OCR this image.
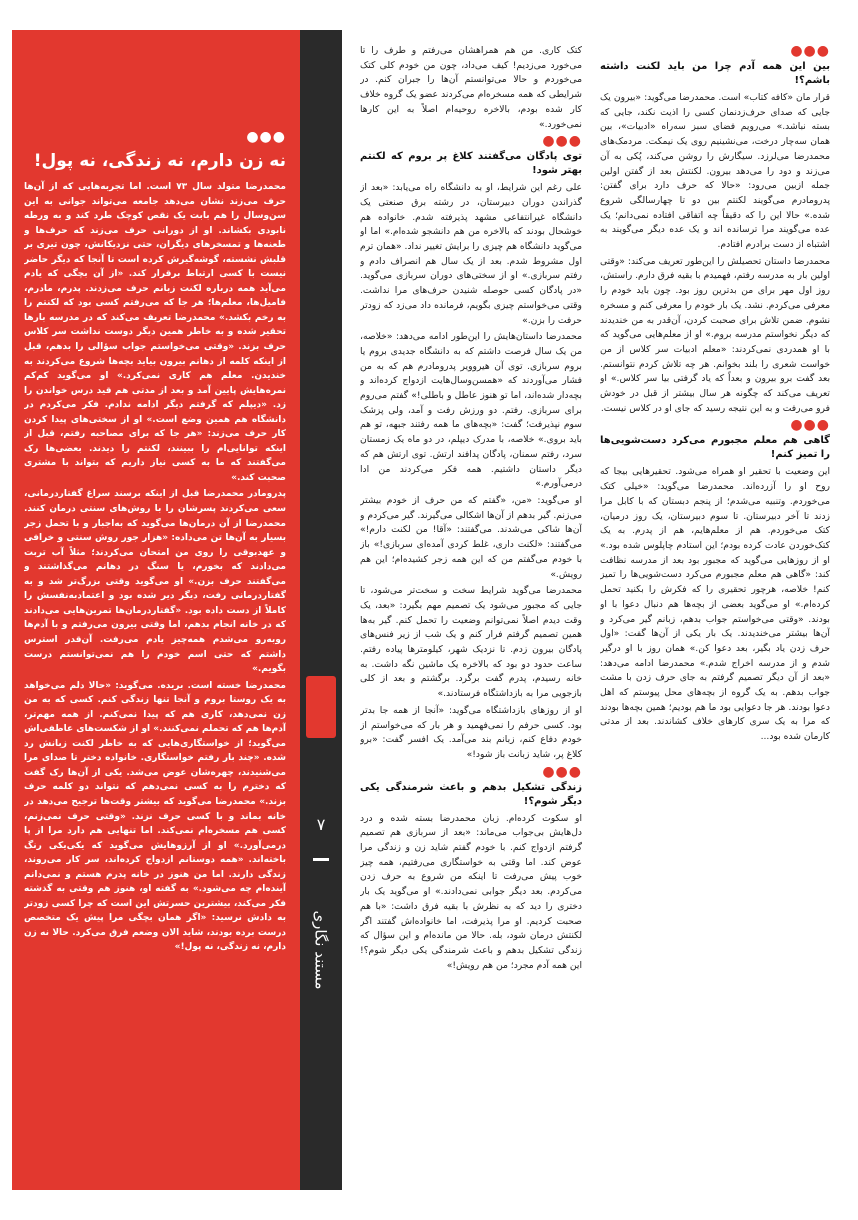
●●●
نه زن دارم، نه زندگی، نه پول!

محمدرضا متولد سال ۷۳ است. اما تجربه‌هایی که از آن‌ها حرف می‌زند نشان می‌دهد جامعه می‌تواند جوانی به این سن‌وسال را هم بابت یک نقص کوچک طرد کند و به ورطه نابودی بکشاند. او از دورانی حرف می‌زند که حرف‌ها و طعنه‌ها و تمسخرهای دیگران، حتی نزدیکانش، چون تیری بر قلبش نشسته، گوشه‌گیرش کرده است تا آنجا که دیگر حاضر نیست با کسی ارتباط برقرار کند. «از آن بچگی که یادم می‌آید همه درباره لکنت زبانم حرف می‌زدند. پدرم، مادرم، فامیل‌ها، معلم‌ها؛ هر جا که می‌رفتم کسی بود که لکنتم را به رخم بکشد.» محمدرضا تعریف می‌کند که در مدرسه بارها تحقیر شده و به خاطر همین دیگر دوست نداشت سر کلاس حرف بزند. «وقتی می‌خواستم جواب سؤالی را بدهم، قبل از اینکه کلمه از دهانم بیرون بیاید بچه‌ها شروع می‌کردند به خندیدن. معلم هم کاری نمی‌کرد.» او می‌گوید کم‌کم نمره‌هایش پایین آمد و بعد از مدتی هم قید درس خواندن را زد. «دیپلم که گرفتم دیگر ادامه ندادم. فکر می‌کردم در دانشگاه هم همین وضع است.» او از سختی‌های پیدا کردن کار حرف می‌زند: «هر جا که برای مصاحبه رفتم، قبل از اینکه توانایی‌ام را ببینند، لکنتم را دیدند. بعضی‌ها رک می‌گفتند که ما به کسی نیاز داریم که بتواند با مشتری صحبت کند.»

پدرومادر محمدرضا قبل از اینکه برسند سراغ گفتاردرمانی، سعی می‌کردند پسرشان را با روش‌های سنتی درمان کنند. محمدرضا از آن درمان‌ها می‌گوید که به‌اجبار و با تحمل زجر بسیار به آن‌ها تن می‌داده: «هزار جور روش سنتی و خرافی و عهدبوقی را روی من امتحان می‌کردند؛ مثلاً آب تربت می‌دادند که بخورم، یا سنگ در دهانم می‌گذاشتند و می‌گفتند حرف بزن.» او می‌گوید وقتی بزرگ‌تر شد و به گفتاردرمانی رفت، دیگر دیر شده بود و اعتمادبه‌نفسش را کاملاً از دست داده بود. «گفتاردرمان‌ها تمرین‌هایی می‌دادند که در خانه انجام بدهم، اما وقتی بیرون می‌رفتم و با آدم‌ها روبه‌رو می‌شدم همه‌چیز یادم می‌رفت. آن‌قدر استرس داشتم که حتی اسم خودم را هم نمی‌توانستم درست بگویم.»

محمدرضا خسته است. بریده. می‌گوید: «حالا دلم می‌خواهد به یک روستا بروم و آنجا تنها زندگی کنم. کسی که به من زن نمی‌دهد، کاری هم که پیدا نمی‌کنم. از همه مهم‌تر، آدم‌ها هم که تحملم نمی‌کنند.» او از شکست‌های عاطفی‌اش می‌گوید؛ از خواستگاری‌هایی که به خاطر لکنت زبانش رد شده. «چند بار رفتم خواستگاری. خانواده دختر تا صدای مرا می‌شنیدند، چهره‌شان عوض می‌شد. یکی از آن‌ها رک گفت که دخترم را به کسی نمی‌دهم که نتواند دو کلمه حرف بزند.» محمدرضا می‌گوید که بیشتر وقت‌ها ترجیح می‌دهد در خانه بماند و با کسی حرف نزند. «وقتی حرف نمی‌زنم، کسی هم مسخره‌ام نمی‌کند. اما تنهایی هم دارد مرا از پا درمی‌آورد.» او از آرزوهایش می‌گوید که یکی‌یکی رنگ باخته‌اند. «همه دوستانم ازدواج کرده‌اند، سر کار می‌روند، زندگی دارند. اما من هنوز در خانه پدرم هستم و نمی‌دانم آینده‌ام چه می‌شود.» به گفته او، هنوز هم وقتی به گذشته فکر می‌کند، بیشترین حسرتش این است که چرا کسی زودتر به دادش نرسید: «اگر همان بچگی مرا پیش یک متخصص درست برده بودند، شاید الان وضعم فرق می‌کرد. حالا نه زن دارم، نه زندگی، نه پول!»

۷
مستند نگاری

کتک کاری. من هم همراهشان می‌رفتم و طرف را تا می‌خورد می‌زدیم! کیف می‌داد، چون من خودم کلی کتک می‌خوردم و حالا می‌توانستم آن‌ها را جبران کنم. در شرایطی که همه مسخره‌ام می‌کردند عضو یک گروه خلاف کار شده بودم، بالاخره روحیه‌ام اصلاً به این کارها نمی‌خورد.»

●●●
توی پادگان می‌گفتند کلاغ پر بروم که لکنتم بهتر شود!

علی رغم این شرایط، او به دانشگاه راه می‌یابد: «بعد از گذراندن دوران دبیرستان، در رشته برق صنعتی یک دانشگاه غیرانتفاعی مشهد پذیرفته شدم. خانواده هم خوشحال بودند که بالاخره من هم دانشجو شده‌ام.» اما او می‌گوید دانشگاه هم چیزی را برایش تغییر نداد. «همان ترم اول مشروط شدم. بعد از یک سال هم انصراف دادم و رفتم سربازی.» او از سختی‌های دوران سربازی می‌گوید. «در پادگان کسی حوصله شنیدن حرف‌های مرا نداشت. وقتی می‌خواستم چیزی بگویم، فرمانده داد می‌زد که زودتر حرفت را بزن.»

محمدرضا داستان‌هایش را این‌طور ادامه می‌دهد: «خلاصه، من یک سال فرصت داشتم که به دانشگاه جدیدی بروم یا بروم سربازی. توی آن هیروویر پدرومادرم هم که به من فشار می‌آوردند که «همسن‌وسال‌هایت ازدواج کرده‌اند و بچه‌دار شده‌اند، اما تو هنوز عاطل و باطلی!» گفتم می‌روم برای سربازی. رفتم. دو ورزش رفت و آمد، ولی پزشک سوم نپذیرفت؛ گفت: «بچه‌های ما همه رفتند جبهه، تو هم باید بروی.» خلاصه، با مدرک دیپلم، در دو ماه یک زمستان سرد، رفتم سمنان، پادگان پدافند ارتش. توی ارتش هم که دیگر داستان داشتیم. همه فکر می‌کردند من ادا درمی‌آورم.»

او می‌گوید: «من، «گفتم که من حرف از خودم بیشتر می‌زنم. گیر بدهم از آن‌ها اشکالی می‌گیرند. گیر می‌کردم و آن‌ها شاکی می‌شدند. می‌گفتند: «آقا! من لکنت دارم!» می‌گفتند: «لکنت داری، غلط کردی آمده‌ای سربازی!» باز با خودم می‌گفتم من که این همه زجر کشیده‌ام؛ این هم رویش.»

محمدرضا می‌گوید شرایط سخت و سخت‌تر می‌شود، تا جایی که مجبور می‌شود یک تصمیم مهم بگیرد: «بعد، یک وقت دیدم اصلاً نمی‌توانم وضعیت را تحمل کنم. گیر به‌ها همین تصمیم گرفتم فرار کنم و یک شب از زیر فنس‌های پادگان بیرون زدم. تا نزدیک شهر، کیلومترها پیاده رفتم. ساعت حدود دو بود که بالاخره یک ماشین نگه داشت. به خانه رسیدم، پدرم گفت برگرد. برگشتم و بعد از کلی بازجویی مرا به بازداشتگاه فرستادند.»

او از روزهای بازداشتگاه می‌گوید: «آنجا از همه جا بدتر بود. کسی حرفم را نمی‌فهمید و هر بار که می‌خواستم از خودم دفاع کنم، زبانم بند می‌آمد. یک افسر گفت: «برو کلاغ پر، شاید زبانت باز شود!»

●●●
زندگی تشکیل بدهم و باعث شرمندگی یکی دیگر شوم؟!

او سکوت کرده‌ام. زبان محمدرضا بسته شده و درد دل‌هایش بی‌جواب می‌ماند: «بعد از سربازی هم تصمیم گرفتم ازدواج کنم. با خودم گفتم شاید زن و زندگی مرا عوض کند. اما وقتی به خواستگاری می‌رفتیم، همه چیز خوب پیش می‌رفت تا اینکه من شروع به حرف زدن می‌کردم. بعد دیگر جوابی نمی‌دادند.» او می‌گوید یک بار دختری را دید که به نظرش با بقیه فرق داشت: «با هم صحبت کردیم. او مرا پذیرفت، اما خانواده‌اش گفتند اگر لکنتش درمان شود، بله. حالا من مانده‌ام و این سؤال که زندگی تشکیل بدهم و باعث شرمندگی یکی دیگر شوم؟! این همه آدم مجرد؛ من هم رویش!»

●●●
بین این همه آدم چرا من باید لکنت داشته باشم؟!

قرار مان «کافه کتاب» است. محمدرضا می‌گوید: «بیرون یک جایی که صدای حرف‌زدنمان کسی را اذیت نکند، جایی که بسته نباشد.» می‌رویم فضای سبز سه‌راه «ادبیات»، بین همان سه‌چار درخت، می‌نشینیم روی یک نیمکت. مردمک‌های محمدرضا می‌لرزد. سیگارش را روشن می‌کند، پُکی به آن می‌زند و دود را می‌دهد بیرون. لکنتش بعد از گفتن اولین جمله ازبین می‌رود: «حالا که حرف دارد برای گفتن: پدرومادرم می‌گویند لکنتم بین دو تا چهارسالگی شروع شده.» حالا این را که دقیقاً چه اتفاقی افتاده نمی‌دانم؛ یک عده می‌گویند مرا ترسانده اند و یک عده دیگر می‌گویند به اشتباه از دست برادرم افتادم.

محمدرضا داستان تحصیلش را این‌طور تعریف می‌کند: «وقتی اولین بار به مدرسه رفتم، فهمیدم با بقیه فرق دارم. راستش، روز اول مهر برای من بدترین روز بود. چون باید خودم را معرفی می‌کردم. نشد. یک بار خودم را معرفی کنم و مسخره نشوم. ضمن تلاش برای صحبت کردن، آن‌قدر به من خندیدند که دیگر نخواستم مدرسه بروم.» او از معلم‌هایی می‌گوید که با او همدردی نمی‌کردند: «معلم ادبیات سر کلاس از من خواست شعری را بلند بخوانم. هر چه تلاش کردم نتوانستم. بعد گفت برو بیرون و بعداً که یاد گرفتی بیا سر کلاس.» او تعریف می‌کند که چگونه هر سال بیشتر از قبل در خودش فرو می‌رفت و به این نتیجه رسید که جای او در کلاس نیست.

●●●
گاهی هم معلم مجبورم می‌کرد دست‌شویی‌ها را تمیز کنم!

این وضعیت با تحقیر او همراه می‌شود. تحقیرهایی بیجا که روح او را آزرده‌اند. محمدرضا می‌گوید: «خیلی کتک می‌خوردم. وتنبیه می‌شدم؛ از پنجم دبستان که با کابل مرا زدند تا آخر دبیرستان. تا سوم دبیرستان، یک روز درمیان، کتک می‌خوردم. هم از معلم‌هایم، هم از پدرم. به یک کتک‌خوردن عادت کرده بودم؛ این استادم چاپلوس شده بود.» او از روزهایی می‌گوید که مجبور بود بعد از مدرسه نظافت کند: «گاهی هم معلم مجبورم می‌کرد دست‌شویی‌ها را تمیز کنم! خلاصه، هرچور تحقیری را که فکرش را بکنید تحمل کرده‌ام.» او می‌گوید بعضی از بچه‌ها هم دنبال دعوا با او بودند. «وقتی می‌خواستم جواب بدهم، زبانم گیر می‌کرد و آن‌ها بیشتر می‌خندیدند. یک بار یکی از آن‌ها گفت: «اول حرف زدن یاد بگیر، بعد دعوا کن.» همان روز با او درگیر شدم و از مدرسه اخراج شدم.» محمدرضا ادامه می‌دهد: «بعد از آن دیگر تصمیم گرفتم به جای حرف زدن با مشت جواب بدهم. به یک گروه از بچه‌های محل پیوستم که اهل دعوا بودند. هر جا دعوایی بود ما هم بودیم؛ همین بچه‌ها بودند که مرا به یک سری کارهای خلاف کشاندند. بعد از مدتی کارمان شده بود...
